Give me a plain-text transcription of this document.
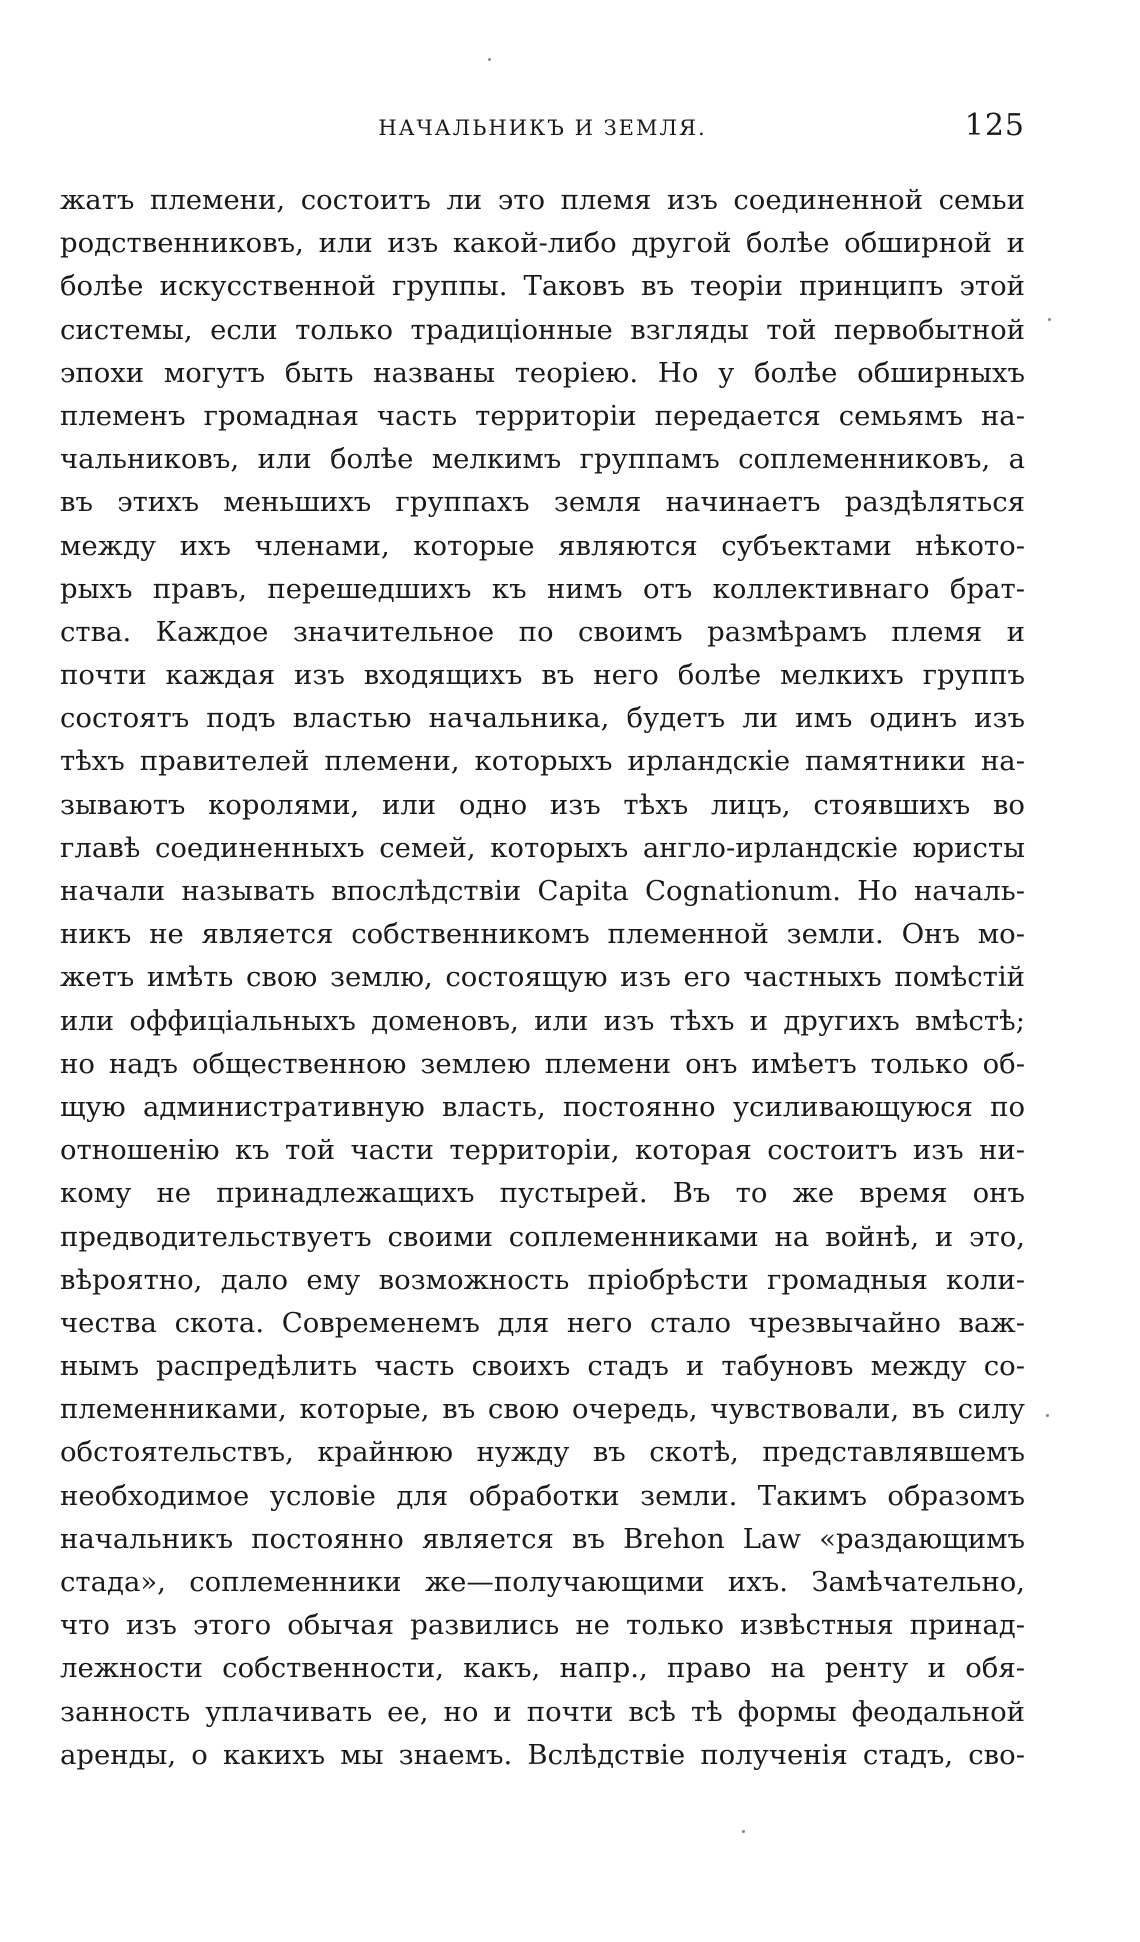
НАЧАЛЬНИКЪ И ЗЕМЛЯ.	125
жатъ племени, состоитъ ли это племя изъ соединенной семьи
родственниковъ, или изъ какой-либо другой болѣе обширной и
болѣе искусственной группы. Таковъ въ теоріи принципъ этой
системы, если только традиціонные взгляды той первобытной
эпохи могутъ быть названы теоріею. Но у болѣе обширныхъ
племенъ громадная часть территоріи передается семьямъ на-
чальниковъ, или болѣе мелкимъ группамъ соплеменниковъ, а
въ этихъ меньшихъ группахъ земля начинаетъ раздѣляться
между ихъ членами, которые являются субъектами нѣкото-
рыхъ правъ, перешедшихъ къ нимъ отъ коллективнаго брат-
ства. Каждое значительное по своимъ размѣрамъ племя и
почти каждая изъ входящихъ въ него болѣе мелкихъ группъ
состоятъ подъ властью начальника, будетъ ли имъ одинъ изъ
тѣхъ правителей племени, которыхъ ирландскіе памятники на-
зываютъ королями, или одно изъ тѣхъ лицъ, стоявшихъ во
главѣ соединенныхъ семей, которыхъ англо-ирландскіе юристы
начали называть впослѣдствіи Capita Cognationum. Но началь-
никъ не является собственникомъ племенной земли. Онъ мо-
жетъ имѣть свою землю, состоящую изъ его частныхъ помѣстій
или оффиціальныхъ доменовъ, или изъ тѣхъ и другихъ вмѣстѣ;
но надъ общественною землею племени онъ имѣетъ только об-
щую административную власть, постоянно усиливающуюся по
отношенію къ той части территоріи, которая состоитъ изъ ни-
кому не принадлежащихъ пустырей. Въ то же время онъ
предводительствуетъ своими соплеменниками на войнѣ, и это,
вѣроятно, дало ему возможность пріобрѣсти громадныя коли-
чества скота. Современемъ для него стало чрезвычайно важ-
нымъ распредѣлить часть своихъ стадъ и табуновъ между со-
племенниками, которые, въ свою очередь, чувствовали, въ силу
обстоятельствъ, крайнюю нужду въ скотѣ, представлявшемъ
необходимое условіе для обработки земли. Такимъ образомъ
начальникъ постоянно является въ Brehon Law «раздающимъ
стада», соплеменники же—получающими ихъ. Замѣчательно,
что изъ этого обычая развились не только извѣстныя принад-
лежности собственности, какъ, напр., право на ренту и обя-
занность уплачивать ее, но и почти всѣ тѣ формы феодальной
аренды, о какихъ мы знаемъ. Вслѣдствіе полученія стадъ, сво-
